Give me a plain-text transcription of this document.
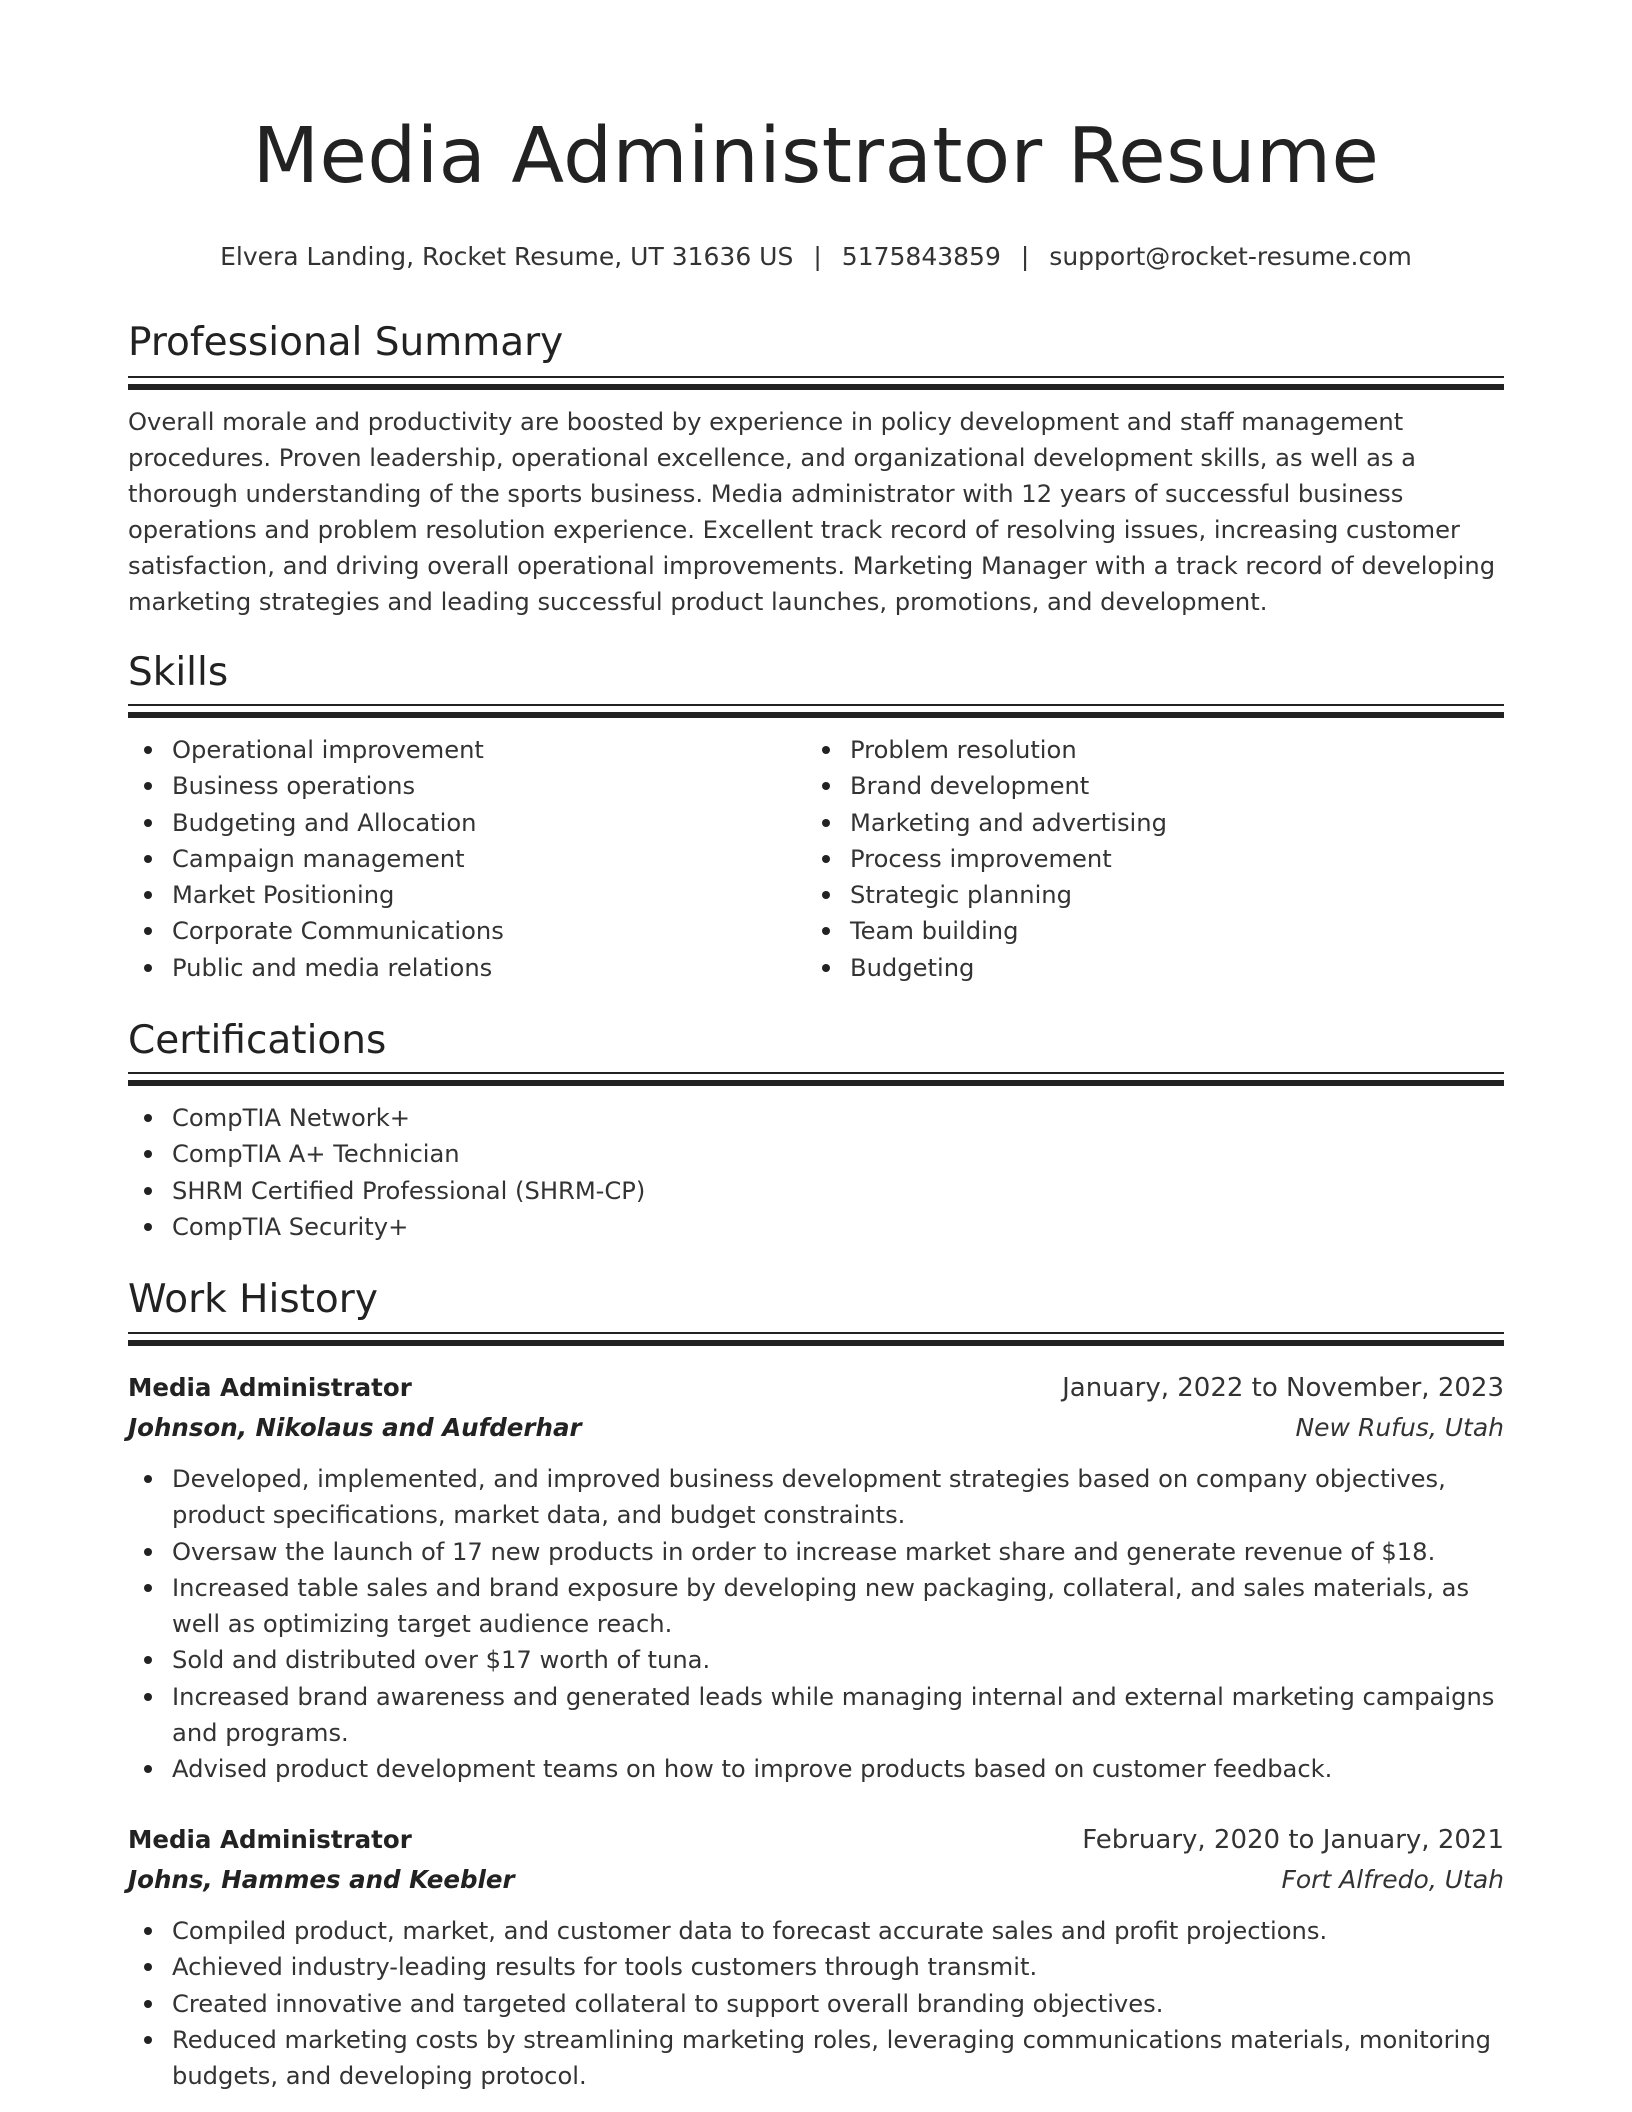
Media Administrator Resume
Elvera Landing, Rocket Resume, UT 31636 US | 5175843859 | support@rocket-resume.com
Professional Summary
Overall morale and productivity are boosted by experience in policy development and staff management procedures. Proven leadership, operational excellence, and organizational development skills, as well as a thorough understanding of the sports business. Media administrator with 12 years of successful business operations and problem resolution experience. Excellent track record of resolving issues, increasing customer satisfaction, and driving overall operational improvements. Marketing Manager with a track record of developing marketing strategies and leading successful product launches, promotions, and development.
Skills
Operational improvement
Business operations
Budgeting and Allocation
Campaign management
Market Positioning
Corporate Communications
Public and media relations
Problem resolution
Brand development
Marketing and advertising
Process improvement
Strategic planning
Team building
Budgeting
Certifications
CompTIA Network+
CompTIA A+ Technician
SHRM Certified Professional (SHRM-CP)
CompTIA Security+
Work History
Media Administrator	January, 2022 to November, 2023
Johnson, Nikolaus and Aufderhar	New Rufus, Utah
Developed, implemented, and improved business development strategies based on company objectives, product specifications, market data, and budget constraints.
Oversaw the launch of 17 new products in order to increase market share and generate revenue of $18.
Increased table sales and brand exposure by developing new packaging, collateral, and sales materials, as well as optimizing target audience reach.
Sold and distributed over $17 worth of tuna.
Increased brand awareness and generated leads while managing internal and external marketing campaigns and programs.
Advised product development teams on how to improve products based on customer feedback.
Media Administrator	February, 2020 to January, 2021
Johns, Hammes and Keebler	Fort Alfredo, Utah
Compiled product, market, and customer data to forecast accurate sales and profit projections.
Achieved industry-leading results for tools customers through transmit.
Created innovative and targeted collateral to support overall branding objectives.
Reduced marketing costs by streamlining marketing roles, leveraging communications materials, monitoring budgets, and developing protocol.
